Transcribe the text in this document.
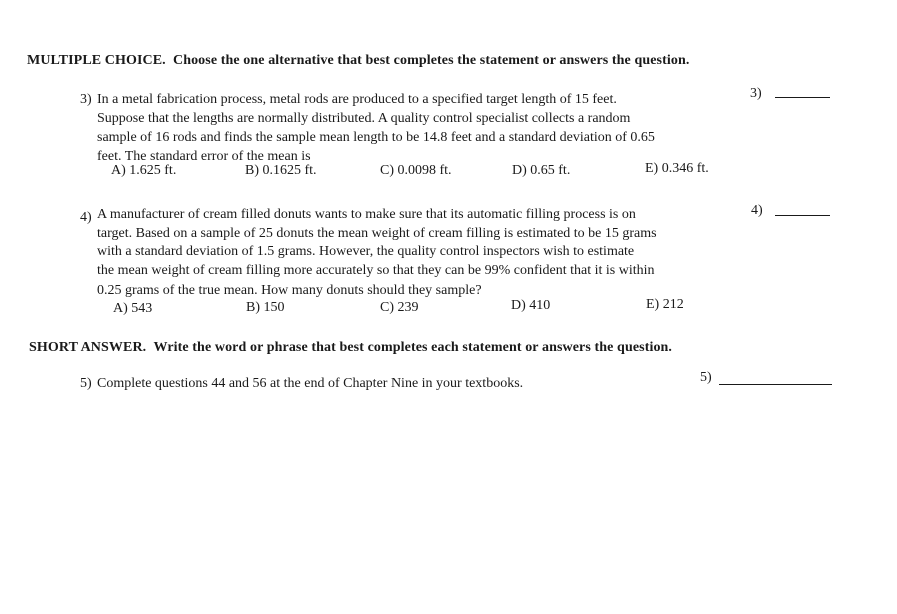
MULTIPLE CHOICE. Choose the one alternative that best completes the statement or answers the question.
3) In a metal fabrication process, metal rods are produced to a specified target length of 15 feet.
Suppose that the lengths are normally distributed. A quality control specialist collects a random
sample of 16 rods and finds the sample mean length to be 14.8 feet and a standard deviation of 0.65
feet. The standard error of the mean is
A) 1.625 ft.	B) 0.1625 ft.	C) 0.0098 ft.	D) 0.65 ft.	E) 0.346 ft.
3)
4) A manufacturer of cream filled donuts wants to make sure that its automatic filling process is on
target. Based on a sample of 25 donuts the mean weight of cream filling is estimated to be 15 grams
with a standard deviation of 1.5 grams. However, the quality control inspectors wish to estimate
the mean weight of cream filling more accurately so that they can be 99% confident that it is within
0.25 grams of the true mean. How many donuts should they sample?
A) 543	B) 150	C) 239	D) 410	E) 212
4)
SHORT ANSWER. Write the word or phrase that best completes each statement or answers the question.
5) Complete questions 44 and 56 at the end of Chapter Nine in your textbooks.	5)
